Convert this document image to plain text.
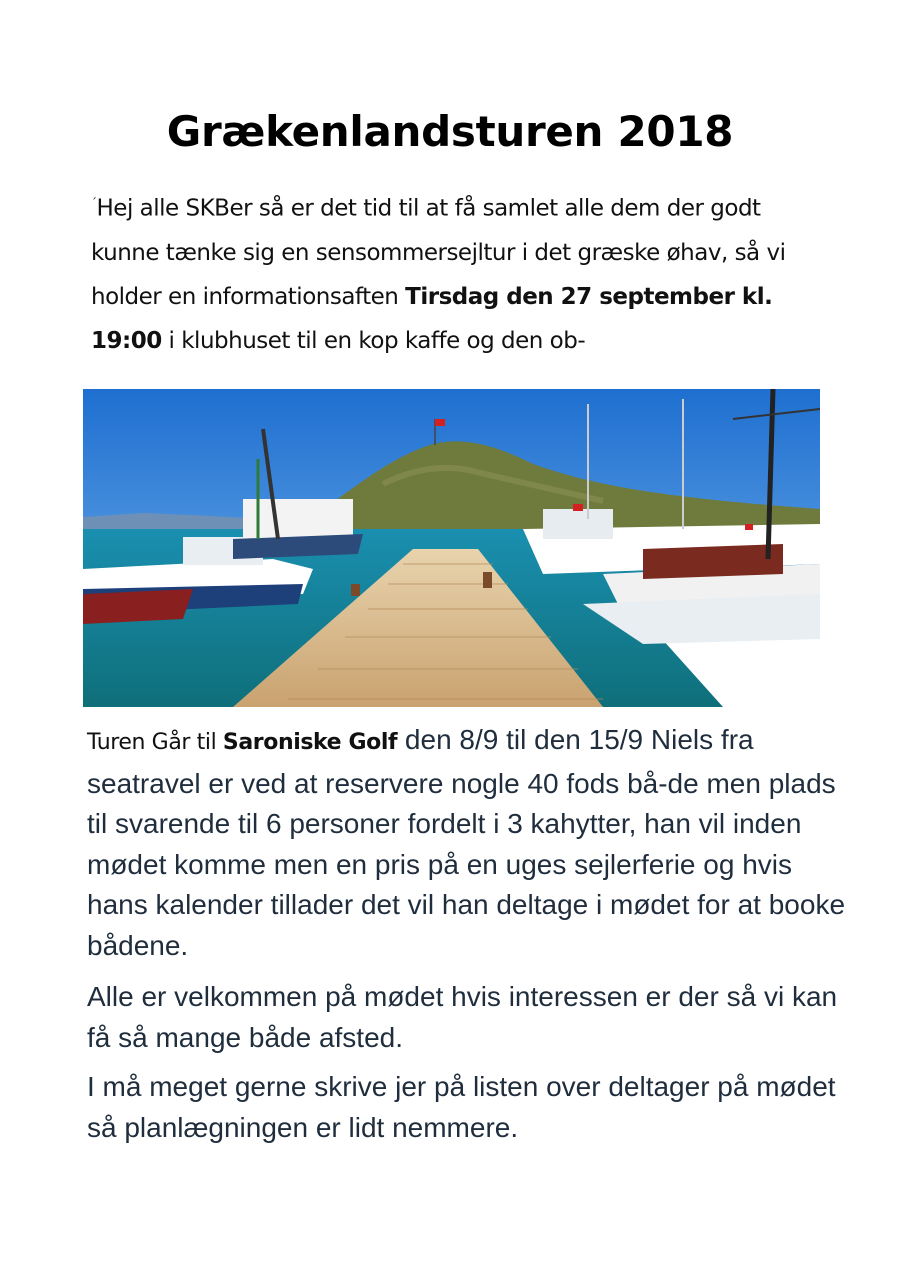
Grækenlandsturen 2018

´Hej alle SKBer så er det tid til at få samlet alle dem der godt kunne tænke sig en sensommersejltur i det græske øhav, så vi holder en informationsaften Tirsdag den 27 september kl. 19:00 i klubhuset til en kop kaffe og den ob-

Turen Går til Saroniske Golf den 8/9 til den 15/9 Niels fra seatravel er ved at reservere nogle 40 fods bå-de men plads til svarende til 6 personer fordelt i 3 kahytter, han vil inden mødet komme men en pris på en uges sejlerferie og hvis hans kalender tillader det vil han deltage i mødet for at booke bådene.

Alle er velkommen på mødet hvis interessen er der så vi kan få så mange både afsted.

I må meget gerne skrive jer på listen over deltager på mødet så planlægningen er lidt nemmere.
